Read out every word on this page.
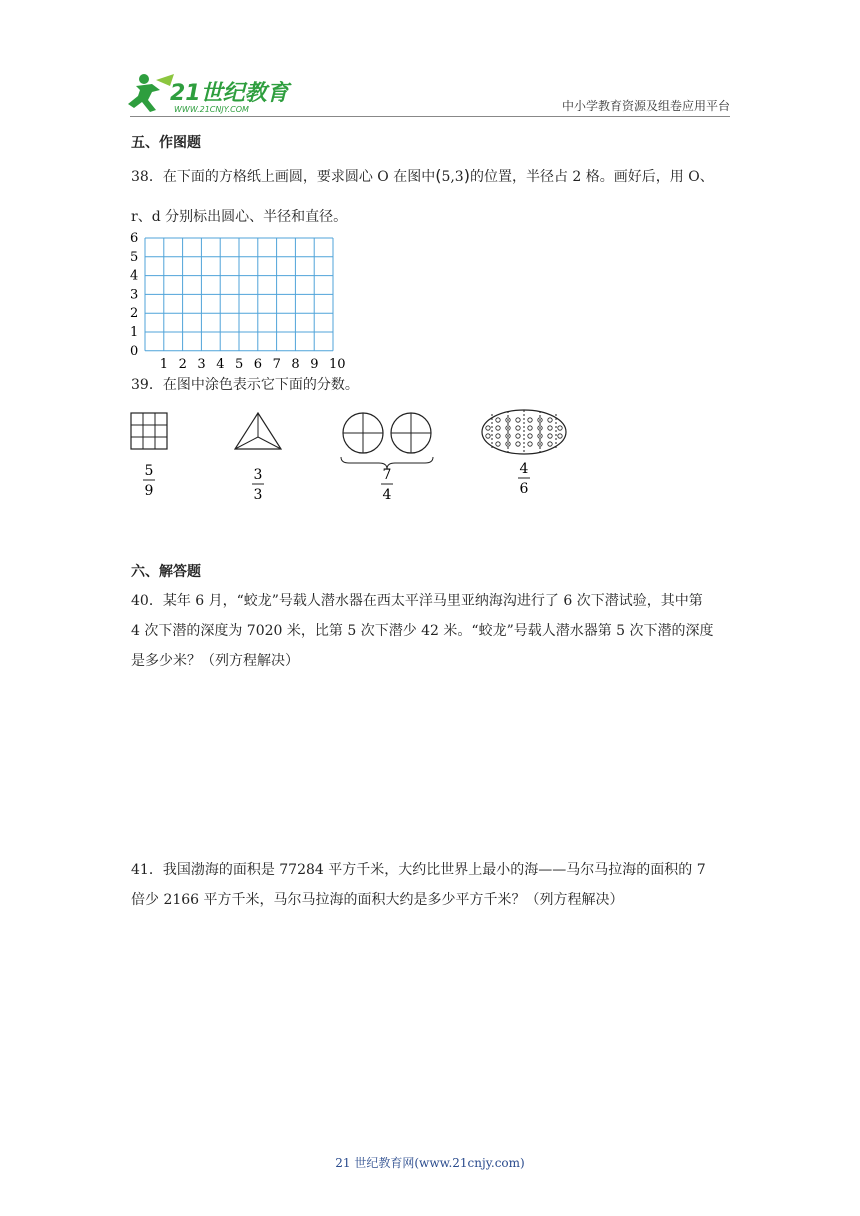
21世纪教育
WWW.21CNJY.COM	中小学教育资源及组卷应用平台
五、作图题
38．在下面的方格纸上画圆，要求圆心 O 在图中(5,3)的位置，半径占 2 格。画好后，用 O、
r、d 分别标出圆心、半径和直径。
0
1
2
3
4
5
6
1 2 3 4 5 6 7 8 9 10
39．在图中涂色表示它下面的分数。
5
9
3
3
7
4
4
6
六、解答题
40．某年 6 月，“蛟龙”号载人潜水器在西太平洋马里亚纳海沟进行了 6 次下潜试验，其中第
4 次下潜的深度为 7020 米，比第 5 次下潜少 42 米。“蛟龙”号载人潜水器第 5 次下潜的深度
是多少米？（列方程解决）
41．我国渤海的面积是 77284 平方千米，大约比世界上最小的海——马尔马拉海的面积的 7
倍少 2166 平方千米，马尔马拉海的面积大约是多少平方千米？（列方程解决）
21 世纪教育网(www.21cnjy.com)
